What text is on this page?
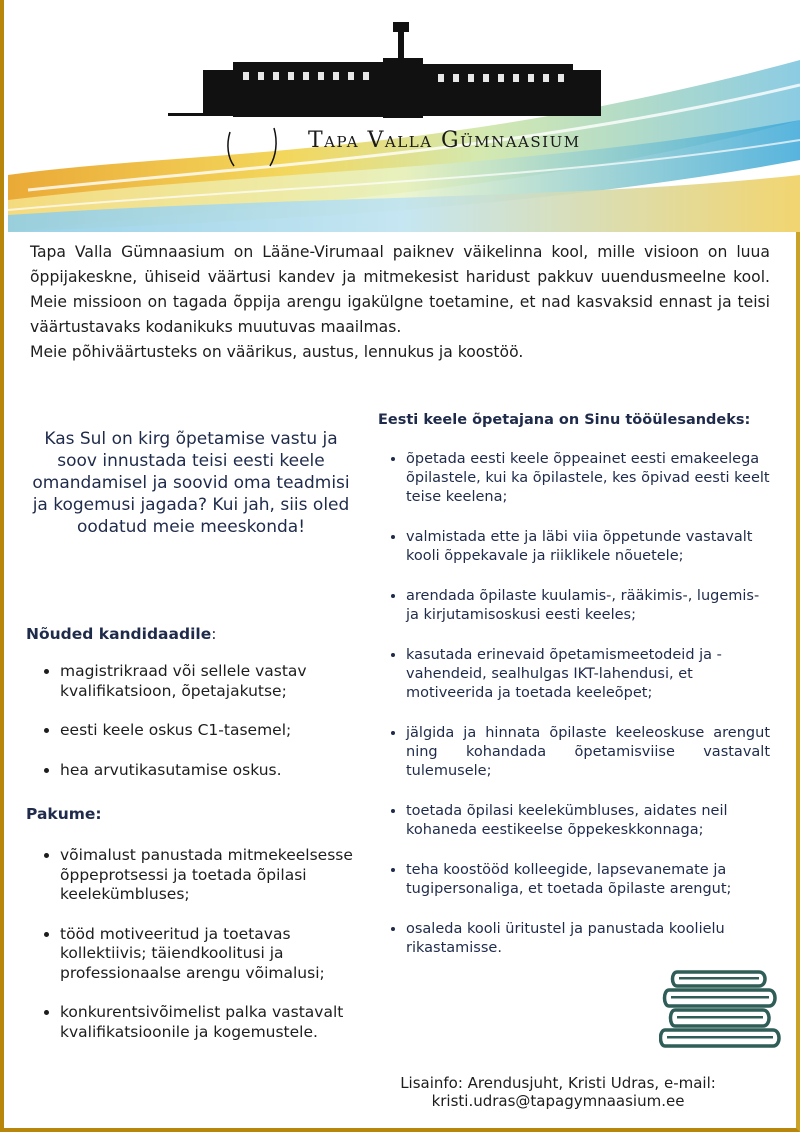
Tapa Valla Gümnaasium

Tapa Valla Gümnaasium on Lääne-Virumaal paiknev väikelinna kool, mille visioon on luua õppijakeskne, ühiseid väärtusi kandev ja mitmekesist haridust pakkuv uuendusmeelne kool. Meie missioon on tagada õppija arengu igakülgne toetamine, et nad kasvaksid ennast ja teisi väärtustavaks kodanikuks muutuvas maailmas.

Meie põhiväärtusteks on väärikus, austus, lennukus ja koostöö.

Kas Sul on kirg õpetamise vastu ja soov innustada teisi eesti keele omandamisel ja soovid oma teadmisi ja kogemusi jagada? Kui jah, siis oled oodatud meie meeskonda!

Nõuded kandidaadile:
• magistrikraad või sellele vastav kvalifikatsioon, õpetajakutse;
• eesti keele oskus C1-tasemel;
• hea arvutikasutamise oskus.
Pakume:
• võimalust panustada mitmekeelsesse õppeprotsessi ja toetada õpilasi keelekümbluses;
• tööd motiveeritud ja toetavas kollektiivis; täiendkoolitusi ja professionaalse arengu võimalusi;
• konkurentsivõimelist palka vastavalt kvalifikatsioonile ja kogemustele.

Eesti keele õpetajana on Sinu tööülesandeks:

• õpetada eesti keele õppeainet eesti emakeelega õpilastele, kui ka õpilastele, kes õpivad eesti keelt teise keelena;
• valmistada ette ja läbi viia õppetunde vastavalt kooli õppekavale ja riiklikele nõuetele;
• arendada õpilaste kuulamis-, rääkimis-, lugemis- ja kirjutamisoskusi eesti keeles;
• kasutada erinevaid õpetamismeetodeid ja -vahendeid, sealhulgas IKT-lahendusi, et motiveerida ja toetada keeleõpet;
• jälgida ja hinnata õpilaste keeleoskuse arengut ning kohandada õpetamisviise vastavalt tulemusele;
• toetada õpilasi keelekümbluses, aidates neil kohaneda eestikeelse õppekeskkonnaga;
• teha koostööd kolleegide, lapsevanemate ja tugipersonaliga, et toetada õpilaste arengut;
• osaleda kooli üritustel ja panustada koolielu rikastamisse.
Lisainfo: Arendusjuht, Kristi Udras, e-mail:
kristi.udras@tapagymnaasium.ee
